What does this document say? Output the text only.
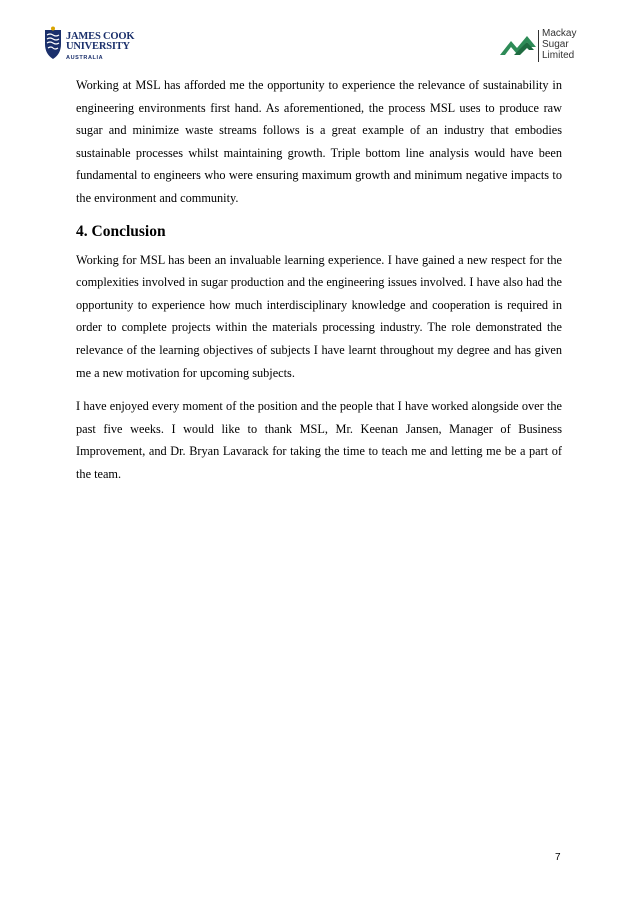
JAMES COOK
UNIVERSITY
AUSTRALIA
Mackay
Sugar
Limited

Working at MSL has afforded me the opportunity to experience the relevance of sustainability in engineering environments first hand. As aforementioned, the process MSL uses to produce raw sugar and minimize waste streams follows is a great example of an industry that embodies sustainable processes whilst maintaining growth. Triple bottom line analysis would have been fundamental to engineers who were ensuring maximum growth and minimum negative impacts to the environment and community.

4. Conclusion

Working for MSL has been an invaluable learning experience. I have gained a new respect for the complexities involved in sugar production and the engineering issues involved. I have also had the opportunity to experience how much interdisciplinary knowledge and cooperation is required in order to complete projects within the materials processing industry. The role demonstrated the relevance of the learning objectives of subjects I have learnt throughout my degree and has given me a new motivation for upcoming subjects.

I have enjoyed every moment of the position and the people that I have worked alongside over the past five weeks. I would like to thank MSL, Mr. Keenan Jansen, Manager of Business Improvement, and Dr. Bryan Lavarack for taking the time to teach me and letting me be a part of the team.

7
